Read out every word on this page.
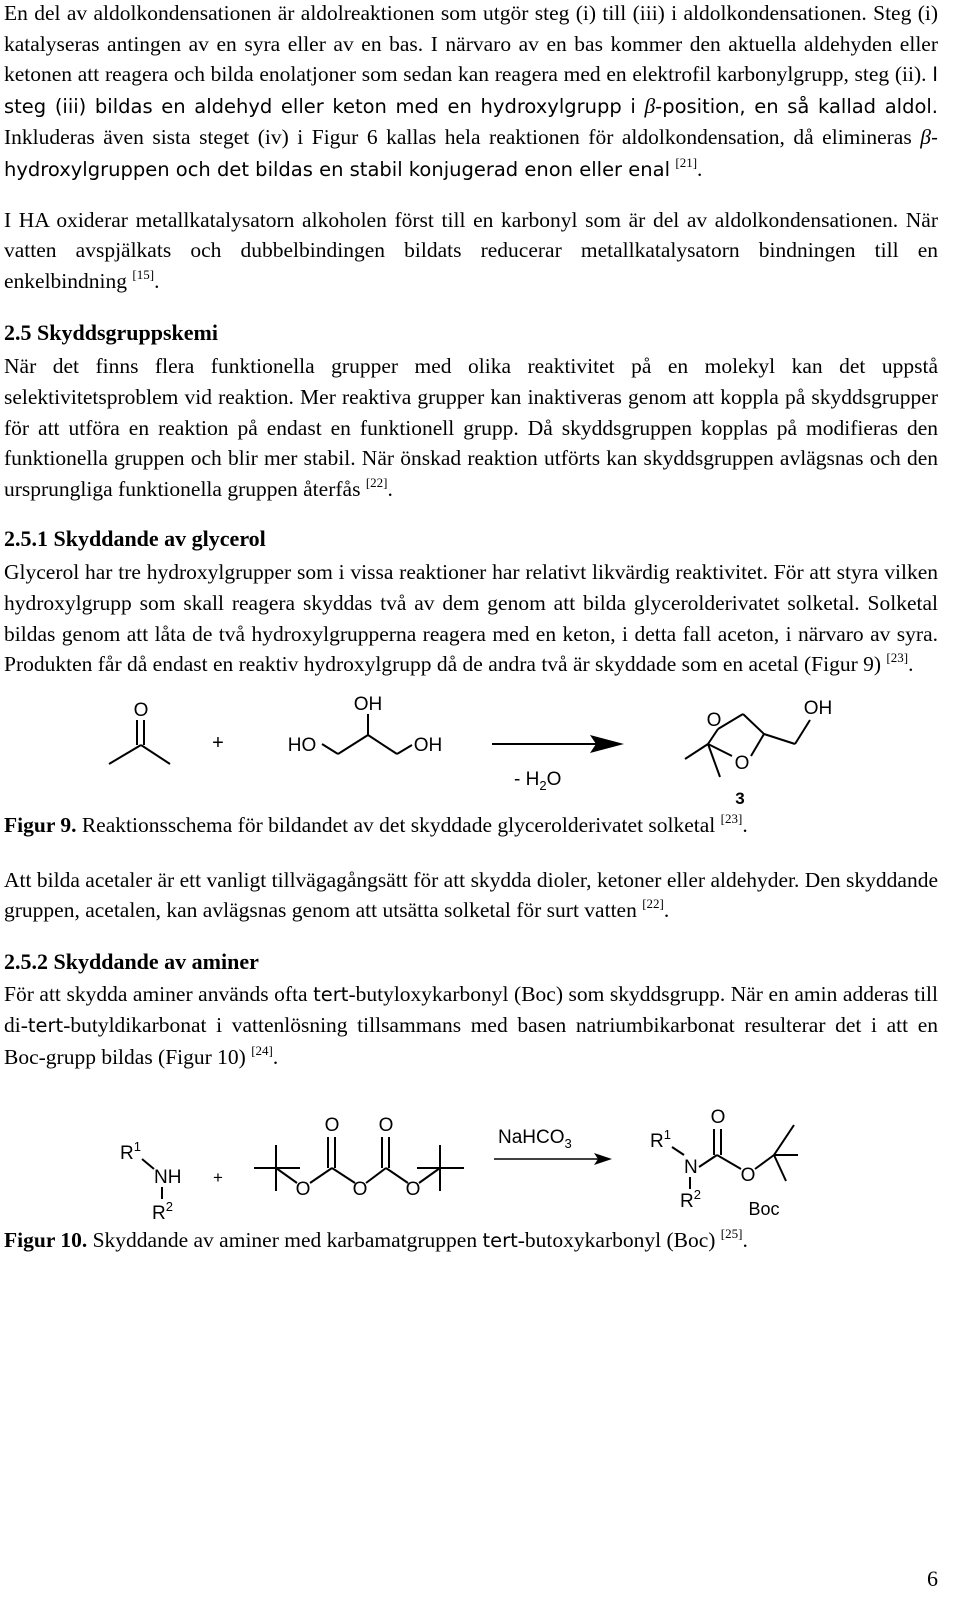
En del av aldolkondensationen är aldolreaktionen som utgör steg (i) till (iii) i aldolkondensationen. Steg (i) katalyseras antingen av en syra eller av en bas. I närvaro av en bas kommer den aktuella aldehyden eller ketonen att reagera och bilda enolatjoner som sedan kan reagera med en elektrofil karbonylgrupp, steg (ii). I steg (iii) bildas en aldehyd eller keton med en hydroxylgrupp i β-position, en så kallad aldol. Inkluderas även sista steget (iv) i Figur 6 kallas hela reaktionen för aldolkondensation, då elimineras β-hydroxylgruppen och det bildas en stabil konjugerad enon eller enal [21].

I HA oxiderar metallkatalysatorn alkoholen först till en karbonyl som är del av aldolkondensationen. När vatten avspjälkats och dubbelbindingen bildats reducerar metallkatalysatorn bindningen till en enkelbindning [15].

2.5 Skyddsgruppskemi

När det finns flera funktionella grupper med olika reaktivitet på en molekyl kan det uppstå selektivitetsproblem vid reaktion. Mer reaktiva grupper kan inaktiveras genom att koppla på skyddsgrupper för att utföra en reaktion på endast en funktionell grupp. Då skyddsgruppen kopplas på modifieras den funktionella gruppen och blir mer stabil. När önskad reaktion utförts kan skyddsgruppen avlägsnas och den ursprungliga funktionella gruppen återfås [22].

2.5.1 Skyddande av glycerol

Glycerol har tre hydroxylgrupper som i vissa reaktioner har relativt likvärdig reaktivitet. För att styra vilken hydroxylgrupp som skall reagera skyddas två av dem genom att bilda glycerolderivatet solketal. Solketal bildas genom att låta de två hydroxylgrupperna reagera med en keton, i detta fall aceton, i närvaro av syra. Produkten får då endast en reaktiv hydroxylgrupp då de andra två är skyddade som en acetal (Figur 9) [23].

O
+
OH
HO	OH
- $H_2O$
O
O
OH
3

Figur 9. Reaktionsschema för bildandet av det skyddade glycerolderivatet solketal [23].

Att bilda acetaler är ett vanligt tillvägagångsätt för att skydda dioler, ketoner eller aldehyder. Den skyddande gruppen, acetalen, kan avlägsnas genom att utsätta solketal för surt vatten [22].

2.5.2 Skyddande av aminer

För att skydda aminer används ofta tert-butyloxykarbonyl (Boc) som skyddsgrupp. När en amin adderas till di-tert-butyldikarbonat i vattenlösning tillsammans med basen natriumbikarbonat resulterar det i att en Boc-grupp bildas (Figur 10) [24].

$R^1$
NH
$R^2$
+
O O
O O O
NaHCO$_3$	$R^1$
N
$R^2$
O
O
Boc

Figur 10. Skyddande av aminer med karbamatgruppen tert-butoxykarbonyl (Boc) [25].

6
